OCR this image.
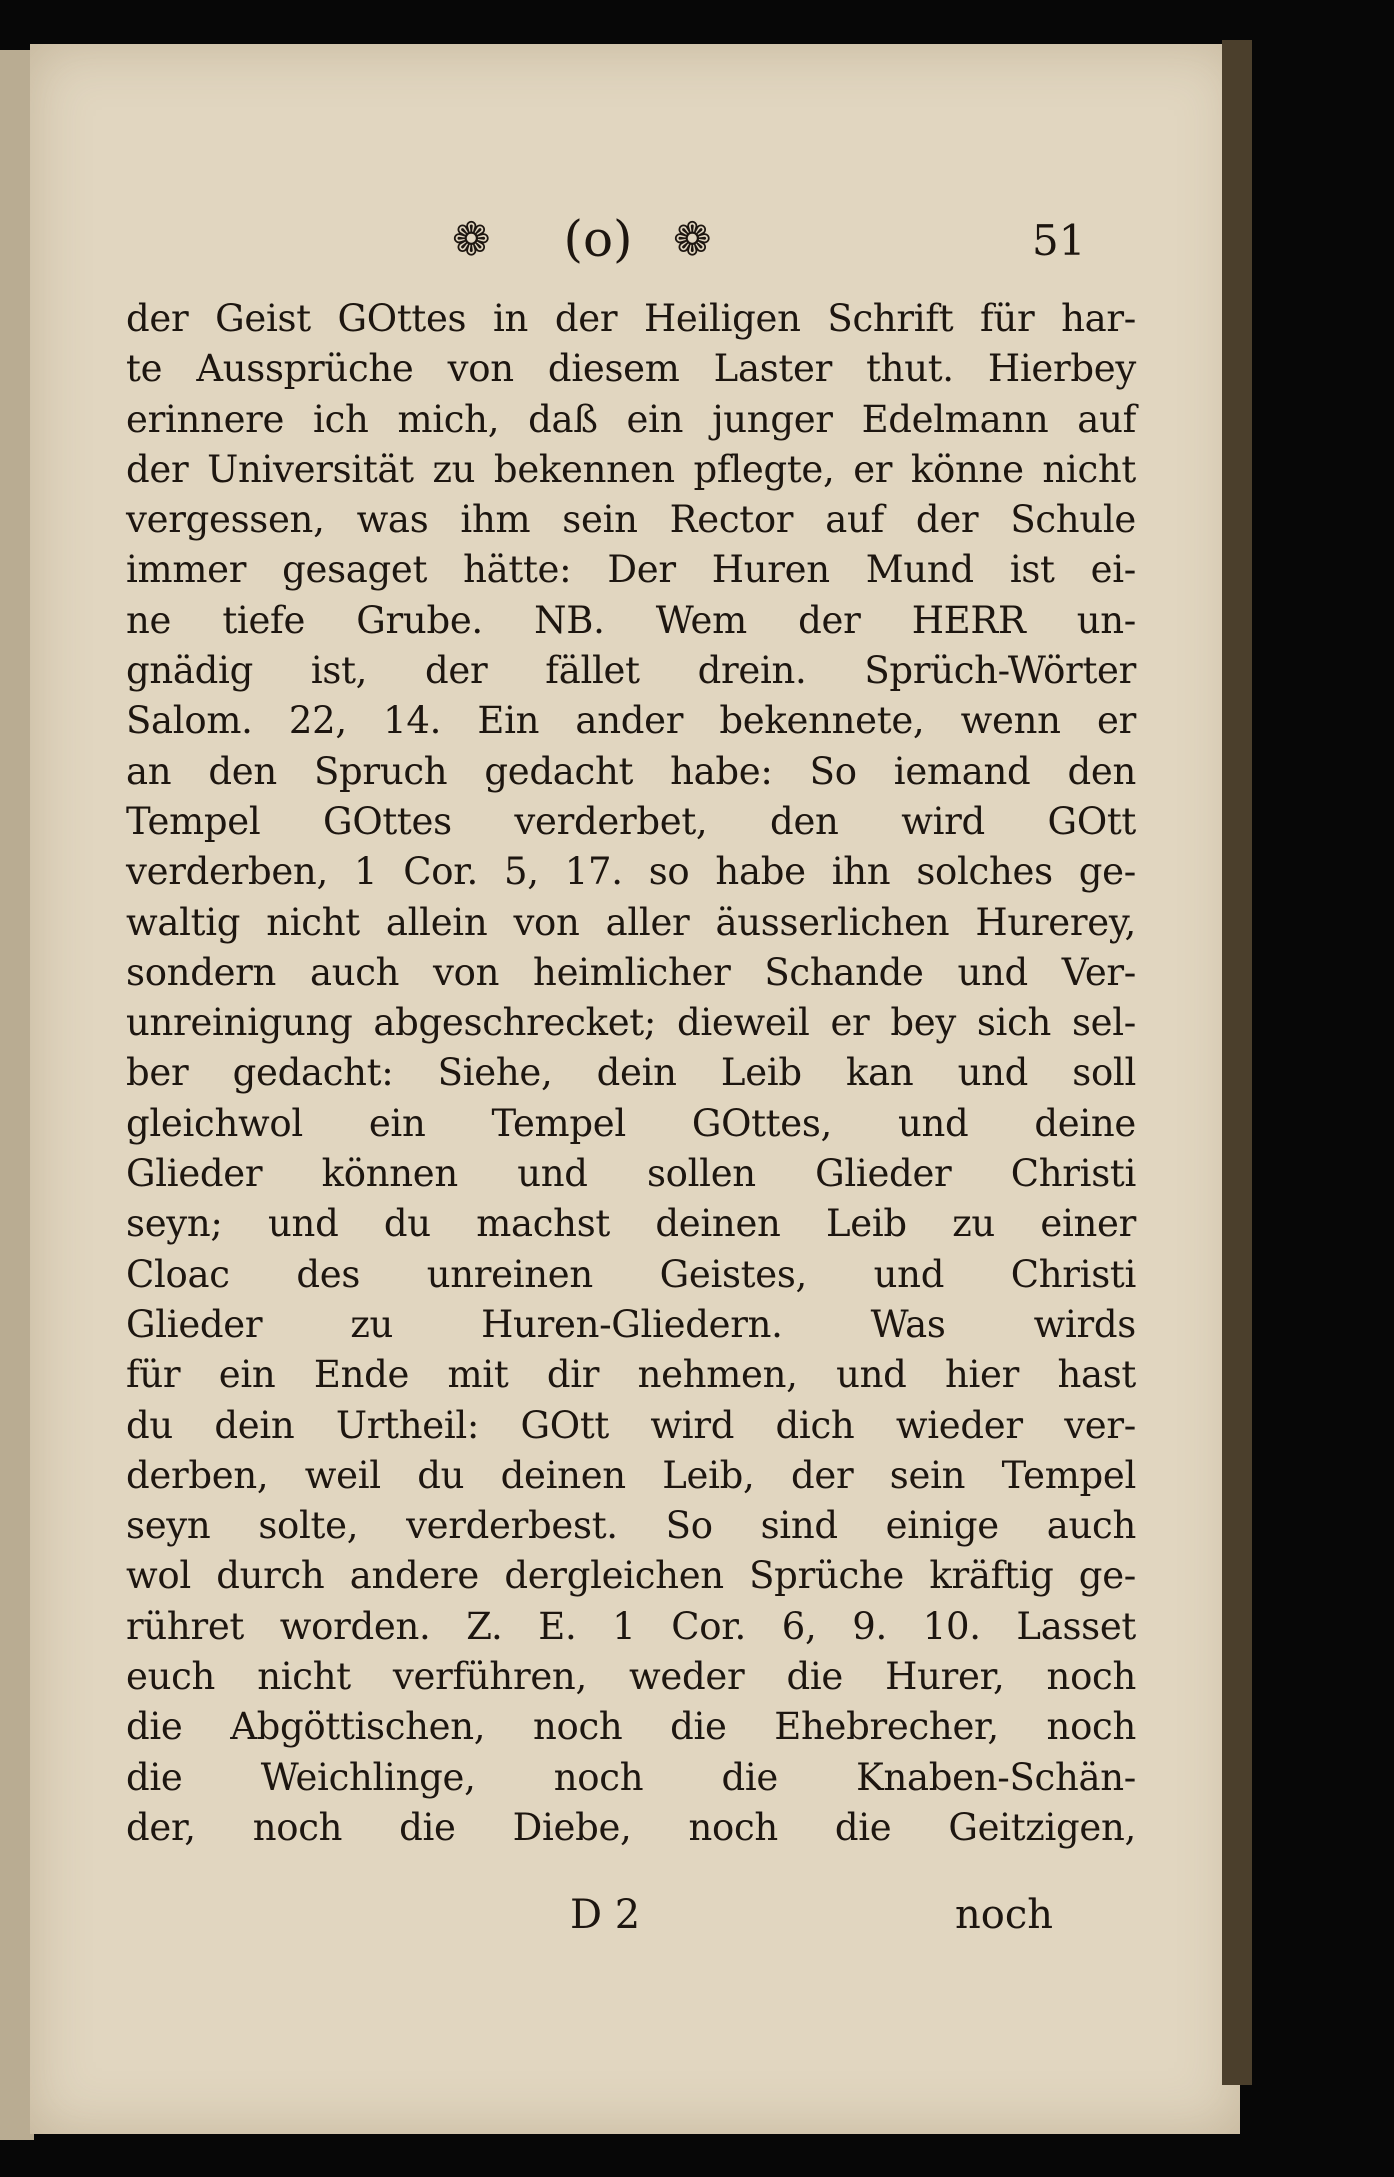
❁	(o) ❁	51
der Geist GOttes in der Heiligen Schrift für har-
te Aussprüche von diesem Laster thut. Hierbey
erinnere ich mich, daß ein junger Edelmann auf
der Universität zu bekennen pflegte, er könne nicht
vergessen, was ihm sein Rector auf der Schule
immer gesaget hätte: Der Huren Mund ist ei-
ne tiefe Grube. NB. Wem der HERR un-
gnädig ist, der fället drein. Sprüch-Wörter
Salom. 22, 14. Ein ander bekennete, wenn er
an den Spruch gedacht habe: So iemand den
Tempel GOttes verderbet, den wird GOtt
verderben, 1 Cor. 5, 17. so habe ihn solches ge-
waltig nicht allein von aller äusserlichen Hurerey,
sondern auch von heimlicher Schande und Ver-
unreinigung abgeschrecket; dieweil er bey sich sel-
ber gedacht: Siehe, dein Leib kan und soll
gleichwol ein Tempel GOttes, und deine
Glieder können und sollen Glieder Christi
seyn; und du machst deinen Leib zu einer
Cloac des unreinen Geistes, und Christi
Glieder zu Huren-Gliedern. Was wirds
für ein Ende mit dir nehmen, und hier hast
du dein Urtheil: GOtt wird dich wieder ver-
derben, weil du deinen Leib, der sein Tempel
seyn solte, verderbest. So sind einige auch
wol durch andere dergleichen Sprüche kräftig ge-
rühret worden. Z. E. 1 Cor. 6, 9. 10. Lasset
euch nicht verführen, weder die Hurer, noch
die Abgöttischen, noch die Ehebrecher, noch
die Weichlinge, noch die Knaben-Schän-
der, noch die Diebe, noch die Geitzigen,
D 2	noch
